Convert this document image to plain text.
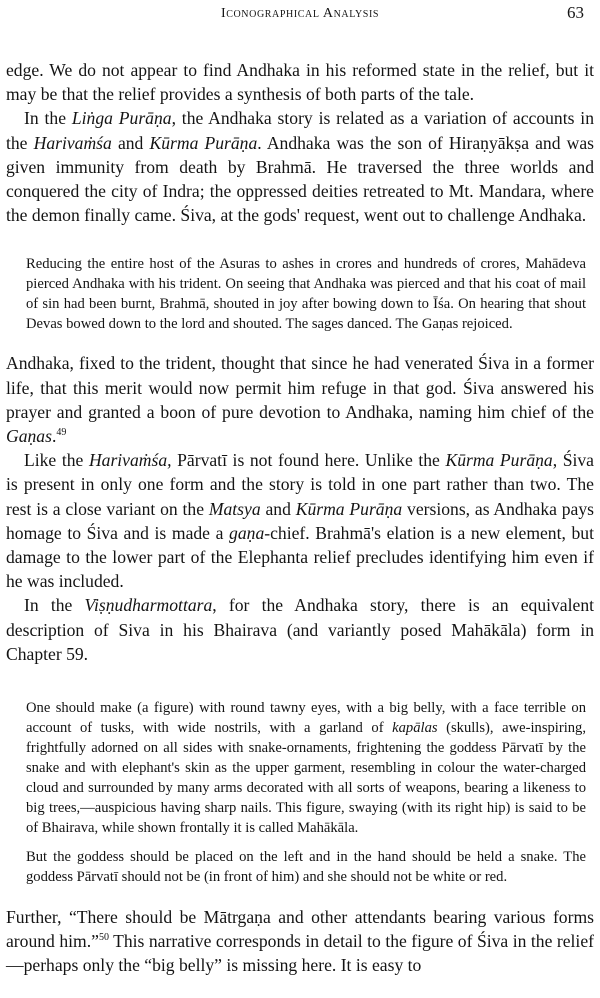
Iconographical Analysis	63

edge. We do not appear to find Andhaka in his reformed state in the relief, but it may be that the relief provides a synthesis of both parts of the tale.

In the Liṅga Purāṇa, the Andhaka story is related as a variation of accounts in the Harivaṁśa and Kūrma Purāṇa. Andhaka was the son of Hiraṇyākṣa and was given immunity from death by Brahmā. He traversed the three worlds and conquered the city of Indra; the oppressed deities retreated to Mt. Mandara, where the demon finally came. Śiva, at the gods' request, went out to challenge Andhaka.

Reducing the entire host of the Asuras to ashes in crores and hundreds of crores, Mahādeva pierced Andhaka with his trident. On seeing that Andhaka was pierced and that his coat of mail of sin had been burnt, Brahmā, shouted in joy after bowing down to Īśa. On hearing that shout Devas bowed down to the lord and shouted. The sages danced. The Gaṇas rejoiced.

Andhaka, fixed to the trident, thought that since he had venerated Śiva in a former life, that this merit would now permit him refuge in that god. Śiva answered his prayer and granted a boon of pure devotion to Andhaka, naming him chief of the Gaṇas.$^{49}$

Like the Harivaṁśa, Pārvatī is not found here. Unlike the Kūrma Purāṇa, Śiva is present in only one form and the story is told in one part rather than two. The rest is a close variant on the Matsya and Kūrma Purāṇa versions, as Andhaka pays homage to Śiva and is made a gaṇa-chief. Brahmā's elation is a new element, but damage to the lower part of the Elephanta relief precludes identifying him even if he was included.

In the Viṣṇudharmottara, for the Andhaka story, there is an equivalent description of Siva in his Bhairava (and variantly posed Mahākāla) form in Chapter 59.

One should make (a figure) with round tawny eyes, with a big belly, with a face terrible on account of tusks, with wide nostrils, with a garland of kapālas (skulls), awe-inspiring, frightfully adorned on all sides with snake-ornaments, frightening the goddess Pārvatī by the snake and with elephant's skin as the upper garment, resembling in colour the water-charged cloud and surrounded by many arms decorated with all sorts of weapons, bearing a likeness to big trees,—auspicious having sharp nails. This figure, swaying (with its right hip) is said to be of Bhairava, while shown frontally it is called Mahākāla.

But the goddess should be placed on the left and in the hand should be held a snake. The goddess Pārvatī should not be (in front of him) and she should not be white or red.

Further, “There should be Mātrgaṇa and other attendants bearing various forms around him.”$^{50}$ This narrative corresponds in detail to the figure of Śiva in the relief—perhaps only the “big belly” is missing here. It is easy to
